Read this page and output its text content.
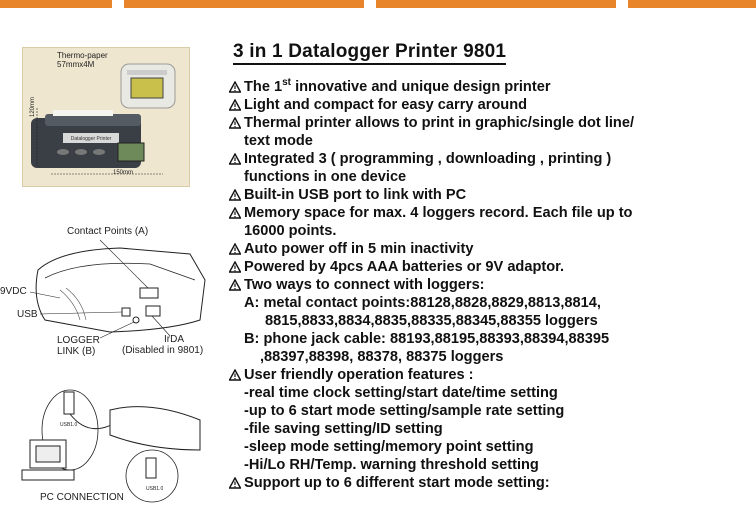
Datalogger Printer
Thermo-paper
57mmx4M
150mm
120mm
Contact Points (A)
9VDC
USB
LOGGER
LINK (B)
IrDA
(Disabled in 9801)
USB1.0
USB1.0
PC CONNECTION
3 in 1 Datalogger Printer 9801
The 1st innovative and unique design printer
Light and compact for easy carry around
Thermal printer allows to print in graphic/single dot line/
text mode
Integrated 3 ( programming , downloading , printing )
functions in one device
Built-in USB port to link with PC
Memory space for max. 4 loggers record. Each file up to
16000 points.
Auto power off in 5 min inactivity
Powered by 4pcs AAA batteries or 9V adaptor.
Two ways to connect with loggers:
A: metal contact points:88128,8828,8829,8813,8814,
8815,8833,8834,8835,88335,88345,88355 loggers
B: phone jack cable: 88193,88195,88393,88394,88395
,88397,88398, 88378, 88375 loggers
User friendly operation features :
-real time clock setting/start date/time setting
-up to 6 start mode setting/sample rate setting
-file saving setting/ID setting
-sleep mode setting/memory point setting
-Hi/Lo RH/Temp. warning threshold setting
Support up to 6 different start mode setting:
